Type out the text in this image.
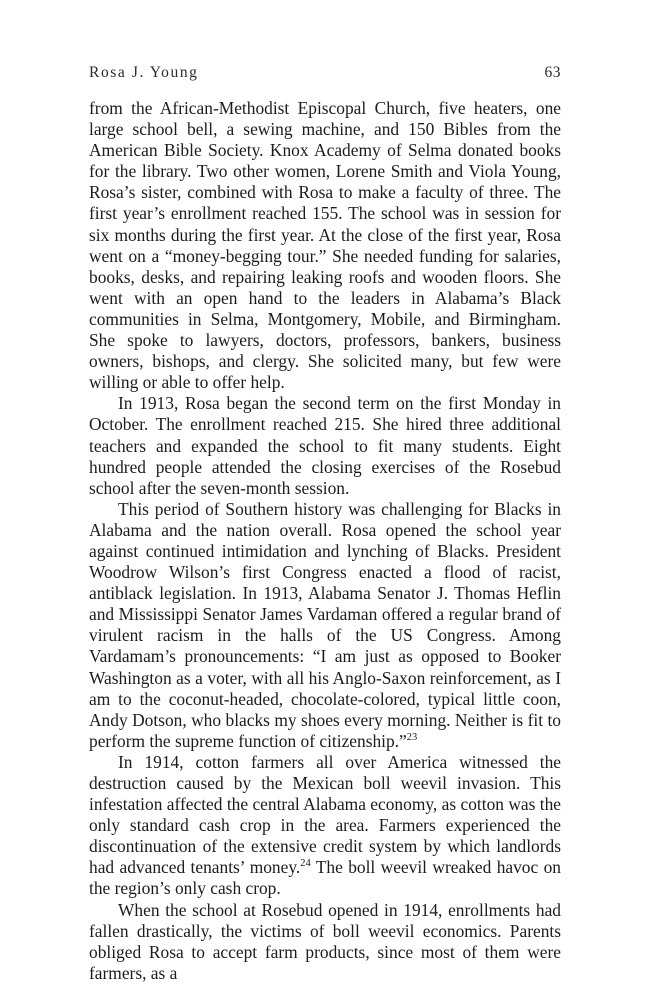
Rosa J. Young	63

from the African-Methodist Episcopal Church, five heaters, one large school bell, a sewing machine, and 150 Bibles from the American Bible Society. Knox Academy of Selma donated books for the library. Two other women, Lorene Smith and Viola Young, Rosa’s sister, combined with Rosa to make a faculty of three. The first year’s enrollment reached 155. The school was in session for six months during the first year. At the close of the first year, Rosa went on a “money-begging tour.” She needed funding for salaries, books, desks, and repairing leaking roofs and wooden floors. She went with an open hand to the leaders in Alabama’s Black communities in Selma, Montgomery, Mobile, and Birmingham. She spoke to lawyers, doctors, professors, bankers, business owners, bishops, and clergy. She solicited many, but few were willing or able to offer help.

In 1913, Rosa began the second term on the first Monday in October. The enrollment reached 215. She hired three additional teachers and expanded the school to fit many students. Eight hundred people attended the closing exercises of the Rosebud school after the seven-month session.

This period of Southern history was challenging for Blacks in Alabama and the nation overall. Rosa opened the school year against continued intimidation and lynching of Blacks. President Woodrow Wilson’s first Congress enacted a flood of racist, antiblack legislation. In 1913, Alabama Senator J. Thomas Heflin and Mississippi Senator James Vardaman offered a regular brand of virulent racism in the halls of the US Congress. Among Vardamam’s pronouncements: “I am just as opposed to Booker Washington as a voter, with all his Anglo-Saxon reinforcement, as I am to the coconut-headed, chocolate-colored, typical little coon, Andy Dotson, who blacks my shoes every morning. Neither is fit to perform the supreme function of citizenship.”$^{23}$

In 1914, cotton farmers all over America witnessed the destruction caused by the Mexican boll weevil invasion. This infestation affected the central Alabama economy, as cotton was the only standard cash crop in the area. Farmers experienced the discontinuation of the extensive credit system by which landlords had advanced tenants’ money.$^{24}$ The boll weevil wreaked havoc on the region’s only cash crop.

When the school at Rosebud opened in 1914, enrollments had fallen drastically, the victims of boll weevil economics. Parents obliged Rosa to accept farm products, since most of them were farmers, as a
